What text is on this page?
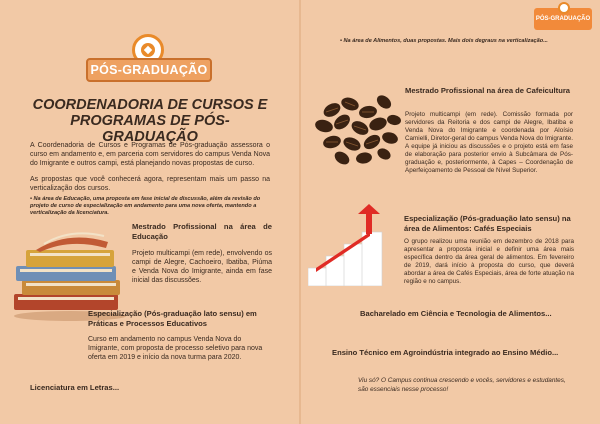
PÓS-GRADUAÇÃO
COORDENADORIA DE CURSOS E PROGRAMAS DE PÓS-GRADUAÇÃO
A Coordenadoria de Cursos e Programas de Pós-graduação assessora o curso em andamento e, em parceria com servidores do campus Venda Nova do Imigrante e outros campi, está planejando novas propostas de curso.
As propostas que você conhecerá agora, representam mais um passo na verticalização dos cursos.
• Na área de Educação, uma proposta em fase inicial de discussão, além da revisão do projeto de curso de especialização em andamento para uma nova oferta, mantendo a verticalização da licenciatura.
Mestrado Profissional na área de Educação
Projeto multicampi (em rede), envolvendo os campi de Alegre, Cachoeiro, Ibatiba, Piúma e Venda Nova do Imigrante, ainda em fase inicial das discussões.
Especialização (Pós-graduação lato sensu) em Práticas e Processos Educativos
Curso em andamento no campus Venda Nova do Imigrante, com proposta de processo seletivo para nova oferta em 2019 e início da nova turma para 2020.
Licenciatura em Letras...
PÓS-GRADUAÇÃO
• Na área de Alimentos, duas propostas. Mais dois degraus na verticalização...
Mestrado Profissional na área de Cafeicultura
Projeto multicampi (em rede). Comissão formada por servidores da Reitoria e dos campi de Alegre, Ibatiba e Venda Nova do Imigrante e coordenada por Aloísio Camielli, Diretor-geral do campus Venda Nova do Imigrante. A equipe já iniciou as discussões e o projeto está em fase de elaboração para posterior envio à Subcâmara de Pós-graduação e, posteriormente, à Capes – Coordenação de Aperfeiçoamento de Pessoal de Nível Superior.
Especialização (Pós-graduação lato sensu) na área de Alimentos: Cafés Especiais
O grupo realizou uma reunião em dezembro de 2018 para apresentar a proposta inicial e definir uma área mais específica dentro da área geral de alimentos. Em fevereiro de 2019, dará início à proposta do curso, que deverá abordar a área de Cafés Especiais, área de forte atuação na região e no campus.
Bacharelado em Ciência e Tecnologia de Alimentos...
Ensino Técnico em Agroindústria integrado ao Ensino Médio...
Viu só? O Campus continua crescendo e vocês, servidores e estudantes, são essenciais nesse processo!
